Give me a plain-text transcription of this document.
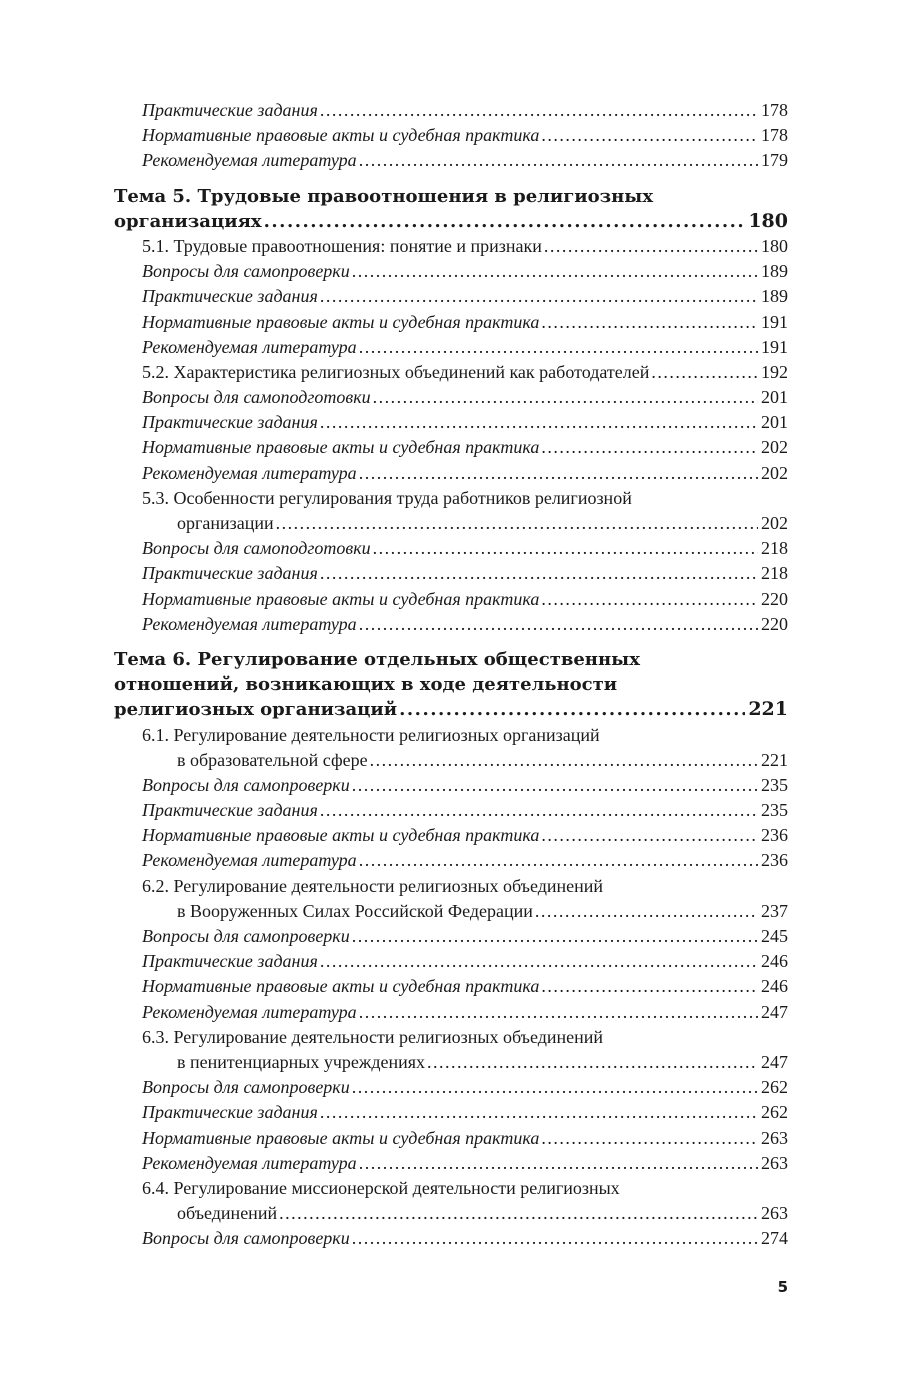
Практические задания .....	178
Нормативные правовые акты и судебная практика .....	178
Рекомендуемая литература .....	179
Тема 5. Трудовые правоотношения в религиозных
организациях .....	180
5.1. Трудовые правоотношения: понятие и признаки .....	180
Вопросы для самопроверки .....	189
Практические задания .....	189
Нормативные правовые акты и судебная практика .....	191
Рекомендуемая литература .....	191
5.2. Характеристика религиозных объединений как работодателей .....	192
Вопросы для самоподготовки .....	201
Практические задания .....	201
Нормативные правовые акты и судебная практика .....	202
Рекомендуемая литература .....	202
5.3. Особенности регулирования труда работников религиозной
организации .....	202
Вопросы для самоподготовки .....	218
Практические задания .....	218
Нормативные правовые акты и судебная практика .....	220
Рекомендуемая литература .....	220
Тема 6. Регулирование отдельных общественных
отношений, возникающих в ходе деятельности
религиозных организаций .....	221
6.1. Регулирование деятельности религиозных организаций
в образовательной сфере .....	221
Вопросы для самопроверки .....	235
Практические задания .....	235
Нормативные правовые акты и судебная практика .....	236
Рекомендуемая литература .....	236
6.2. Регулирование деятельности религиозных объединений
в Вооруженных Силах Российской Федерации .....	237
Вопросы для самопроверки .....	245
Практические задания .....	246
Нормативные правовые акты и судебная практика .....	246
Рекомендуемая литература .....	247
6.3. Регулирование деятельности религиозных объединений
в пенитенциарных учреждениях .....	247
Вопросы для самопроверки .....	262
Практические задания .....	262
Нормативные правовые акты и судебная практика .....	263
Рекомендуемая литература .....	263
6.4. Регулирование миссионерской деятельности религиозных
объединений .....	263
Вопросы для самопроверки .....	274
5
